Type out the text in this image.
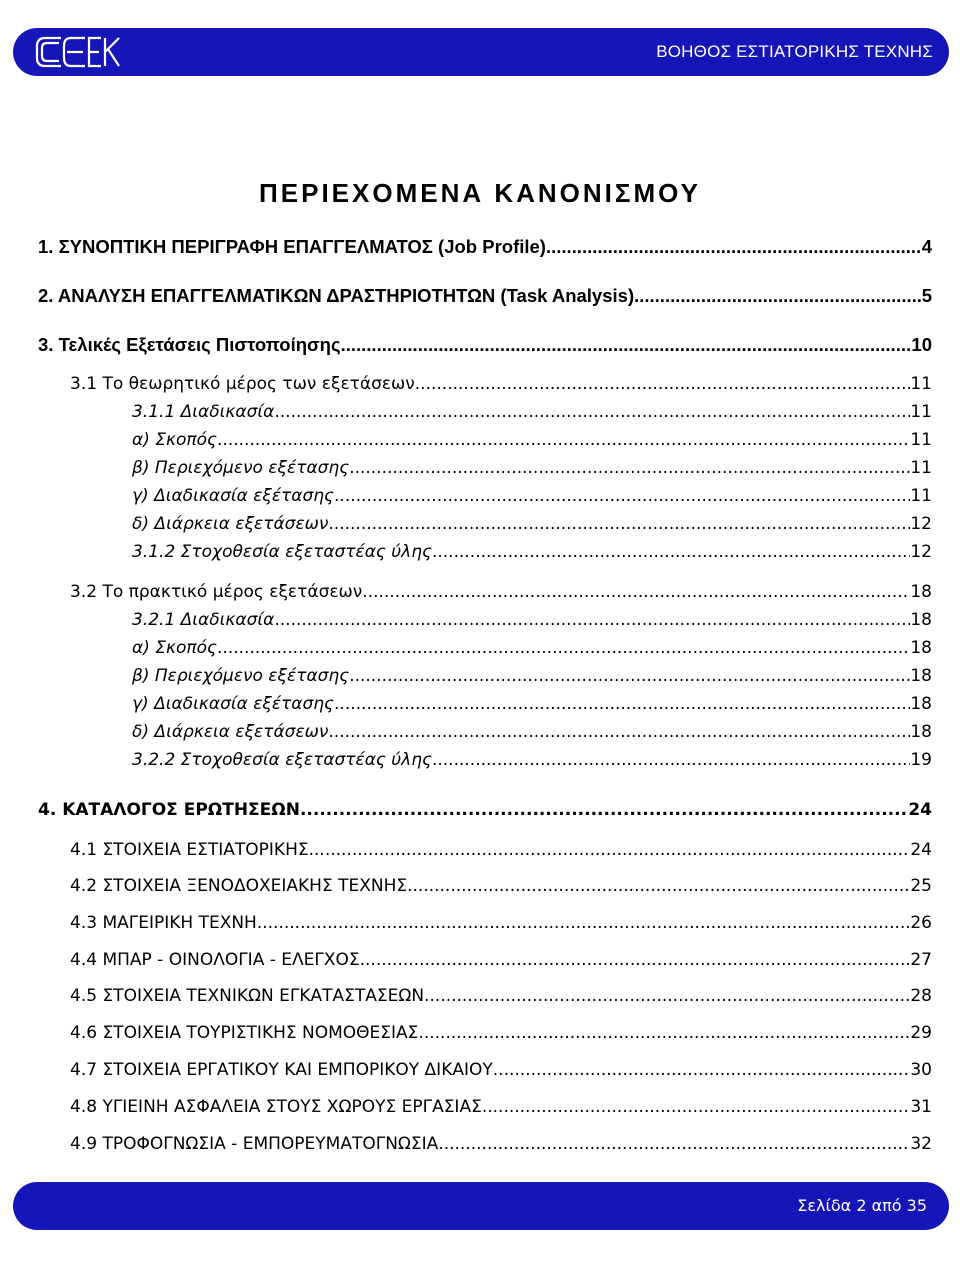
ΒΟΗΘΟΣ ΕΣΤΙΑΤΟΡΙΚΗΣ ΤΕΧΝΗΣ
ΠΕΡΙΕΧΟΜΕΝΑ ΚΑΝΟΝΙΣΜΟΥ
1. ΣΥΝΟΠΤΙΚΗ ΠΕΡΙΓΡΑΦΗ ΕΠΑΓΓΕΛΜΑΤΟΣ (Job Profile) .....	4
2. ΑΝΑΛΥΣΗ ΕΠΑΓΓΕΛΜΑΤΙΚΩΝ ΔΡΑΣΤΗΡΙΟΤΗΤΩΝ (Task Analysis) .....	5
3. Τελικές Εξετάσεις Πιστοποίησης .....	10
3.1 Το θεωρητικό μέρος των εξετάσεων .....	11
3.1.1 Διαδικασία .....	11
α) Σκοπός .....	11
β) Περιεχόμενο εξέτασης .....	11
γ) Διαδικασία εξέτασης .....	11
δ) Διάρκεια εξετάσεων .....	12
3.1.2 Στοχοθεσία εξεταστέας ύλης .....	12
3.2 Το πρακτικό μέρος εξετάσεων .....	18
3.2.1 Διαδικασία .....	18
α) Σκοπός .....	18
β) Περιεχόμενο εξέτασης .....	18
γ) Διαδικασία εξέτασης .....	18
δ) Διάρκεια εξετάσεων .....	18
3.2.2 Στοχοθεσία εξεταστέας ύλης .....	19
4. ΚΑΤΑΛΟΓΟΣ ΕΡΩΤΗΣΕΩΝ .....	24
4.1 ΣΤΟΙΧΕΙΑ ΕΣΤΙΑΤΟΡΙΚΗΣ .....	24
4.2 ΣΤΟΙΧΕΙΑ ΞΕΝΟΔΟΧΕΙΑΚΗΣ ΤΕΧΝΗΣ .....	25
4.3 ΜΑΓΕΙΡΙΚΗ ΤΕΧΝΗ .....	26
4.4 ΜΠΑΡ - ΟΙΝΟΛΟΓΙΑ - ΕΛΕΓΧΟΣ .....	27
4.5 ΣΤΟΙΧΕΙΑ ΤΕΧΝΙΚΩΝ ΕΓΚΑΤΑΣΤΑΣΕΩΝ .....	28
4.6 ΣΤΟΙΧΕΙΑ ΤΟΥΡΙΣΤΙΚΗΣ ΝΟΜΟΘΕΣΙΑΣ .....	29
4.7 ΣΤΟΙΧΕΙΑ ΕΡΓΑΤΙΚΟΥ ΚΑΙ ΕΜΠΟΡΙΚΟΥ ΔΙΚΑΙΟΥ .....	30
4.8 ΥΓΙΕΙΝΗ ΑΣΦΑΛΕΙΑ ΣΤΟΥΣ ΧΩΡΟΥΣ ΕΡΓΑΣΙΑΣ .....	31
4.9 ΤΡΟΦΟΓΝΩΣΙΑ - ΕΜΠΟΡΕΥΜΑΤΟΓΝΩΣΙΑ .....	32
Σελίδα 2 από 35
